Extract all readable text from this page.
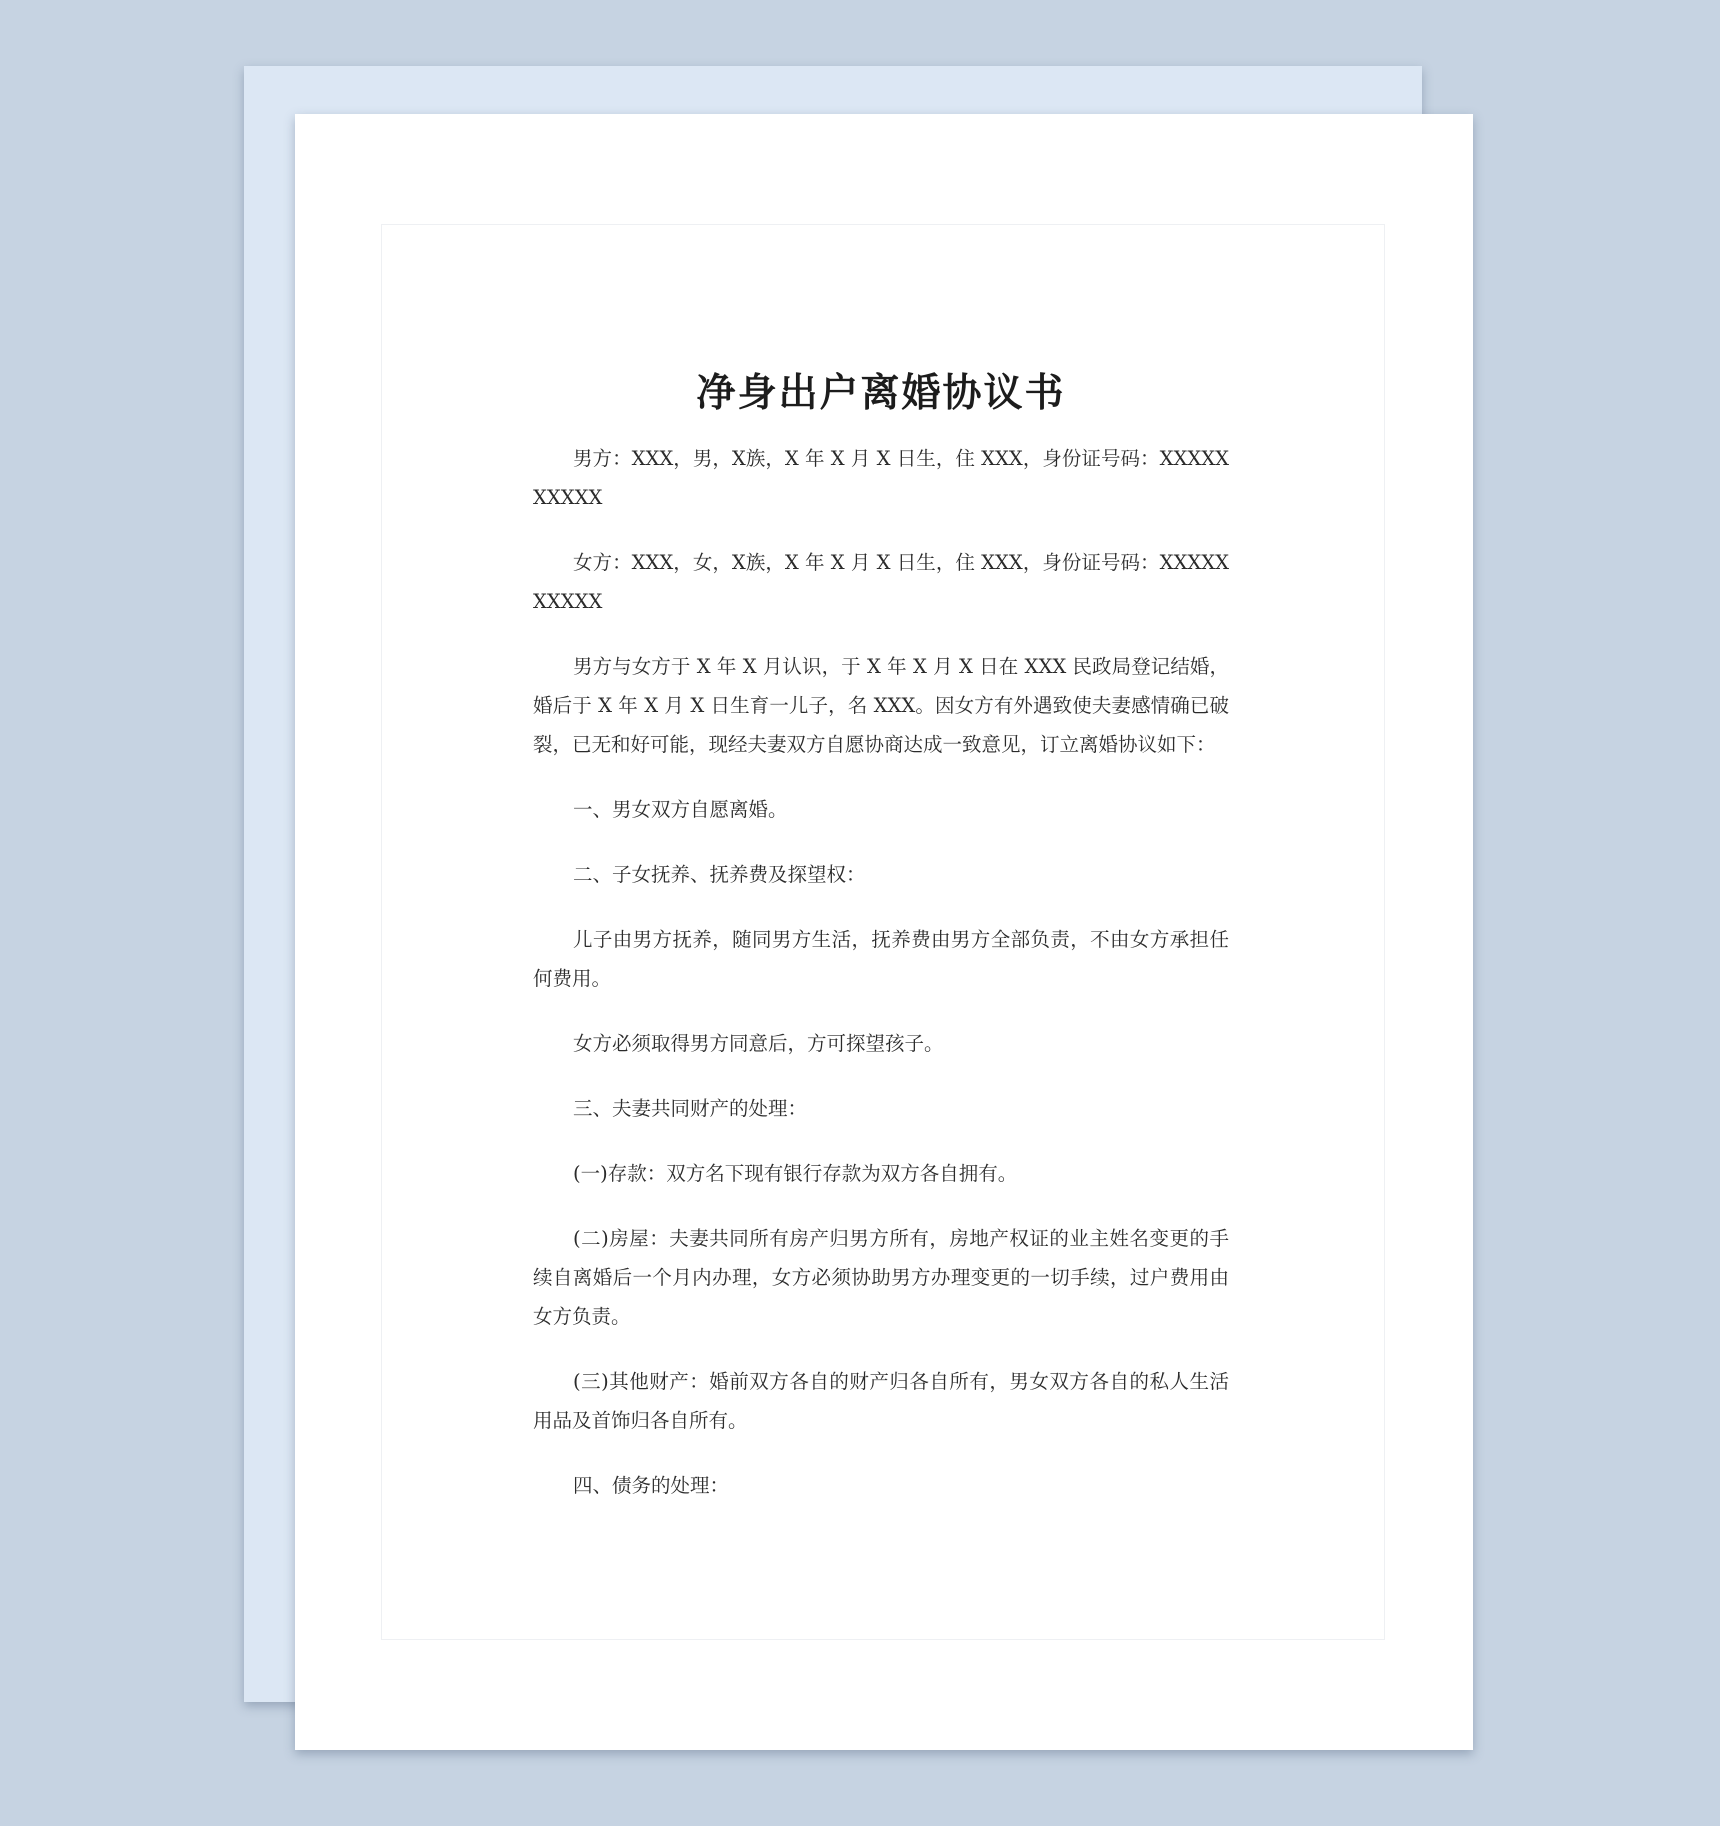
净身出户离婚协议书

男方：XXX，男，X族，X 年 X 月 X 日生，住 XXX，身份证号码：XXXXXXXXXX

女方：XXX，女，X族，X 年 X 月 X 日生，住 XXX，身份证号码：XXXXXXXXXX

男方与女方于 X 年 X 月认识，于 X 年 X 月 X 日在 XXX 民政局登记结婚，婚后于 X 年 X 月 X 日生育一儿子，名 XXX。因女方有外遇致使夫妻感情确已破裂，已无和好可能，现经夫妻双方自愿协商达成一致意见，订立离婚协议如下：

一、男女双方自愿离婚。

二、子女抚养、抚养费及探望权：

儿子由男方抚养，随同男方生活，抚养费由男方全部负责，不由女方承担任何费用。

女方必须取得男方同意后，方可探望孩子。

三、夫妻共同财产的处理：

(一)存款：双方名下现有银行存款为双方各自拥有。

(二)房屋：夫妻共同所有房产归男方所有，房地产权证的业主姓名变更的手续自离婚后一个月内办理，女方必须协助男方办理变更的一切手续，过户费用由女方负责。

(三)其他财产：婚前双方各自的财产归各自所有，男女双方各自的私人生活用品及首饰归各自所有。

四、债务的处理：
